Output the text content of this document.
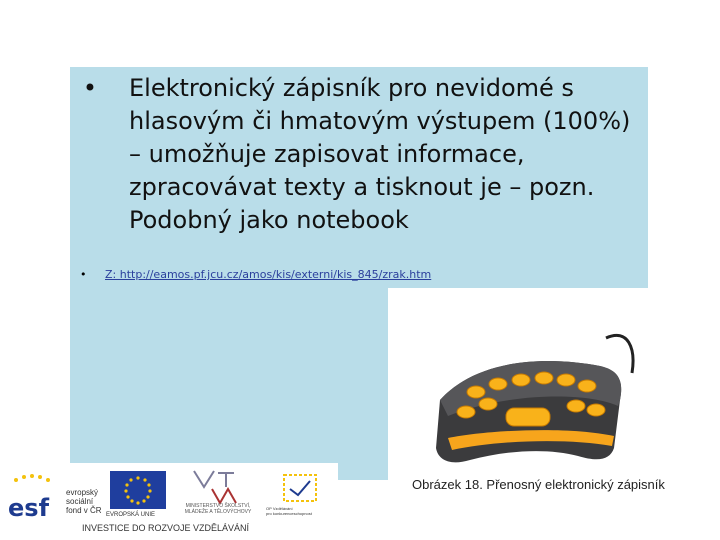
• Elektronický zápisník pro nevidomé s
hlasovým či hmatovým výstupem (100%)
– umožňuje zapisovat informace,
zpracovávat texty a tisknout je – pozn.
Podobný jako notebook
• Z: http://eamos.pf.jcu.cz/amos/kis/externi/kis_845/zrak.htm
Obrázek 18. Přenosný elektronický zápisník
esf
evropský
sociální
fond v ČR EVROPSKÁ UNIE
MINISTERSTVO ŠKOLSTVÍ,
MLÁDEŽE A TĚLOVÝCHOVY
OP Vzdělávání
pro konkurenceschopnost
INVESTICE DO ROZVOJE VZDĚLÁVÁNÍ
